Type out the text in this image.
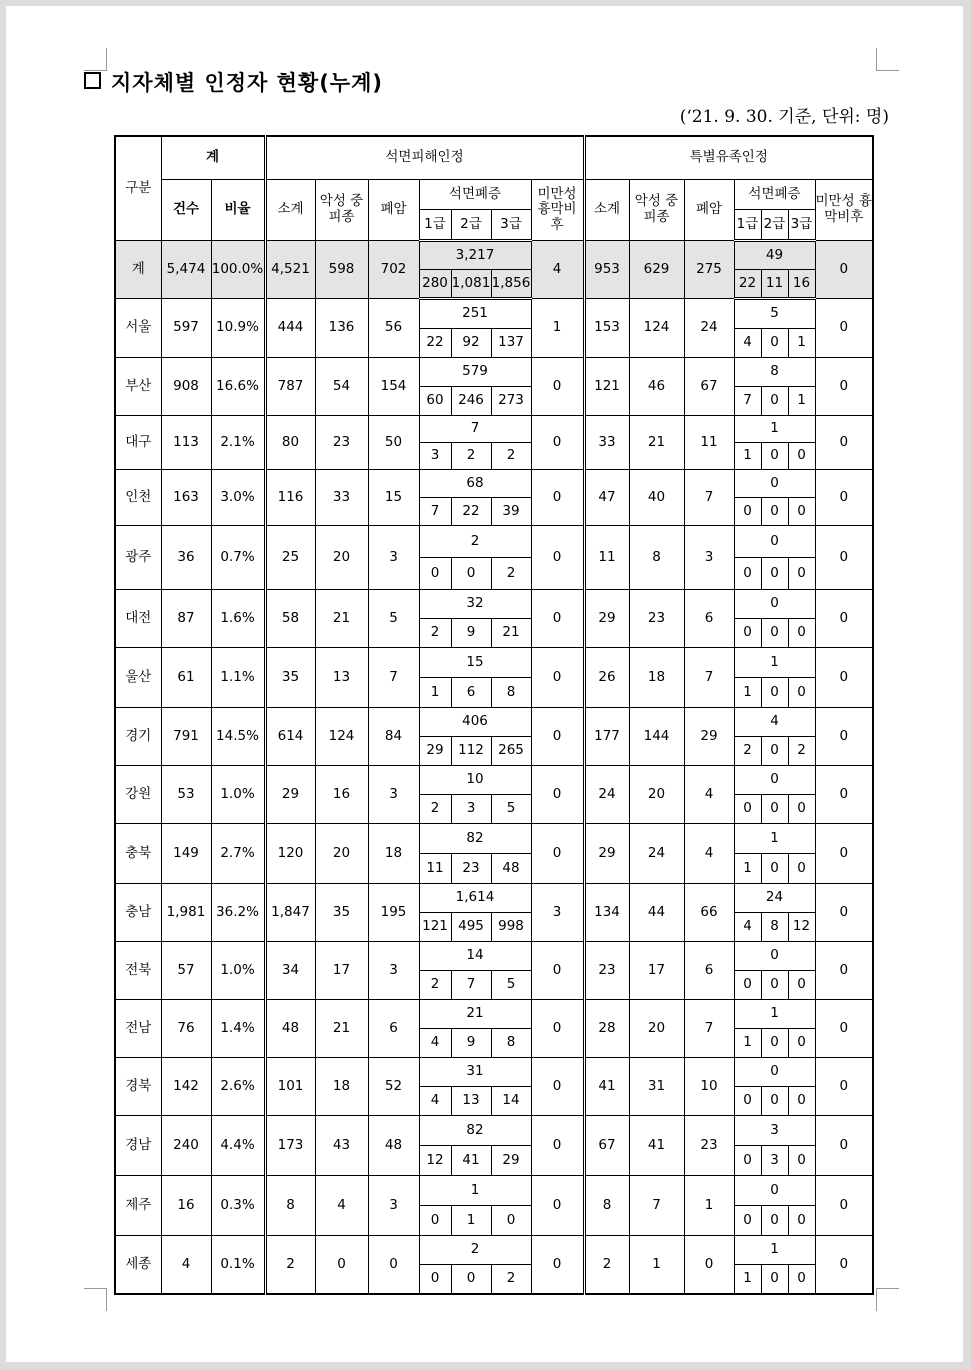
지자체별 인정자 현황(누계)
(‘21. 9. 30. 기준, 단위: 명)
구분	계		석면피해인정							특별유족인정						
	건수	비율	소계	악성 중피종	폐암	석면폐증			미만성 흉막비후	소계	악성 중피종	폐암	석면폐증			미만성 흉막비후
						1급	2급	3급					1급	2급	3급	
계	5,474	100.0%	4,521	598	702	3,217			4	953	629	275	49			0
						280	1,081	1,856					22	11	16	
서울	597	10.9%	444	136	56	251			1	153	124	24	5			0
						22	92	137					4	0	1	
부산	908	16.6%	787	54	154	579			0	121	46	67	8			0
						60	246	273					7	0	1	
대구	113	2.1%	80	23	50	7			0	33	21	11	1			0
						3	2	2					1	0	0	
인천	163	3.0%	116	33	15	68			0	47	40	7	0			0
						7	22	39					0	0	0	
광주	36	0.7%	25	20	3	2			0	11	8	3	0			0
						0	0	2					0	0	0	
대전	87	1.6%	58	21	5	32			0	29	23	6	0			0
						2	9	21					0	0	0	
울산	61	1.1%	35	13	7	15			0	26	18	7	1			0
						1	6	8					1	0	0	
경기	791	14.5%	614	124	84	406			0	177	144	29	4			0
						29	112	265					2	0	2	
강원	53	1.0%	29	16	3	10			0	24	20	4	0			0
						2	3	5					0	0	0	
충북	149	2.7%	120	20	18	82			0	29	24	4	1			0
						11	23	48					1	0	0	
충남	1,981	36.2%	1,847	35	195	1,614			3	134	44	66	24			0
						121	495	998					4	8	12	
전북	57	1.0%	34	17	3	14			0	23	17	6	0			0
						2	7	5					0	0	0	
전남	76	1.4%	48	21	6	21			0	28	20	7	1			0
						4	9	8					1	0	0	
경북	142	2.6%	101	18	52	31			0	41	31	10	0			0
						4	13	14					0	0	0	
경남	240	4.4%	173	43	48	82			0	67	41	23	3			0
						12	41	29					0	3	0	
제주	16	0.3%	8	4	3	1			0	8	7	1	0			0
						0	1	0					0	0	0	
세종	4	0.1%	2	0	0	2			0	2	1	0	1			0
						0	0	2					1	0	0	
